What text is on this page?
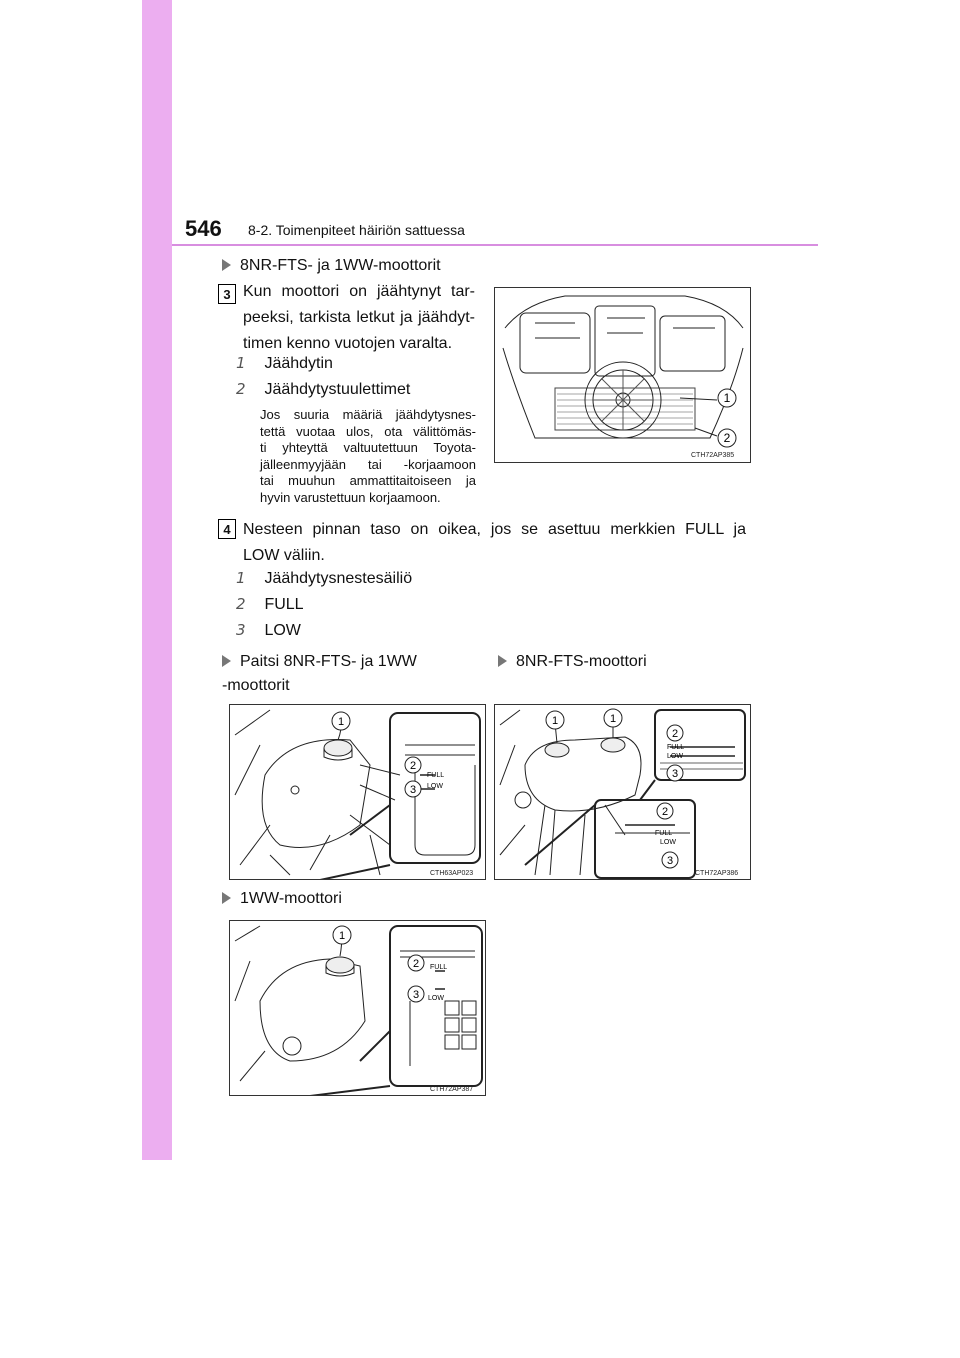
546 8-2. Toimenpiteet häiriön sattuessa
8NR-FTS- ja 1WW-moottorit
3 Kun moottori on jäähtynyt tar-
peeksi, tarkista letkut ja jäähdyt-
timen kenno vuotojen varalta.
1 Jäähdytin
2 Jäähdytystuulettimet
Jos suuria määriä jäähdytysnes-
tettä vuotaa ulos, ota välittömäs-
ti yhteyttä valtuutettuun Toyota-
jälleenmyyjään tai -korjaamoon
tai muuhun ammattitaitoiseen ja
hyvin varustettuun korjaamoon.
1
2
CTH72AP385
4 Nesteen pinnan taso on oikea, jos se asettuu merkkien FULL ja
LOW väliin.
1 Jäähdytysnestesäiliö
2 FULL
3 LOW
Paitsi 8NR-FTS- ja 1WW
-moottorit
8NR-FTS-moottori
1
2
3
FULL
LOW
CTH63AP023
1	1
2
3
2
3
FULL
LOW
FULL
LOW
CTH72AP386
1WW-moottori
1
2
3
FULL
LOW
CTH72AP387
